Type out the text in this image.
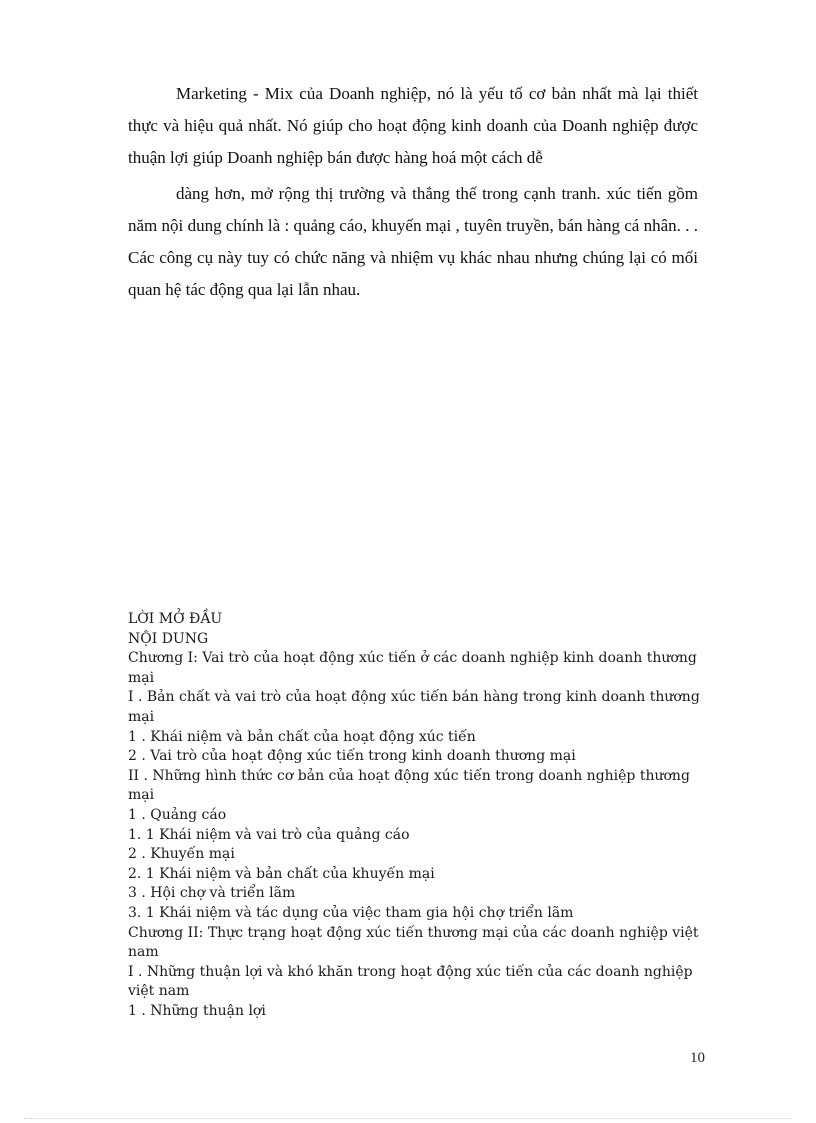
Marketing - Mix của Doanh nghiệp, nó là yếu tố cơ bản nhất mà lại thiết thực và hiệu quả nhất. Nó giúp cho hoạt động kinh doanh của Doanh nghiệp được thuận lợi giúp Doanh nghiệp bán được hàng hoá một cách dễ

dàng hơn, mở rộng thị trường và thắng thế trong cạnh tranh. xúc tiến gồm năm nội dung chính là : quảng cáo, khuyến mại , tuyên truyền, bán hàng cá nhân. . . Các công cụ này tuy có chức năng và nhiệm vụ khác nhau nhưng chúng lại có mối quan hệ tác động qua lại lẫn nhau.

LỜI MỞ ĐẦU
NỘI DUNG
Chương I: Vai trò của hoạt động xúc tiến ở các doanh nghiệp kinh doanh thương mại
I . Bản chất và vai trò của hoạt động xúc tiến bán hàng trong kinh doanh thương mại
1 . Khái niệm và bản chất của hoạt động xúc tiến
2 . Vai trò của hoạt động xúc tiến trong kinh doanh thương mại
II . Những hình thức cơ bản của hoạt động xúc tiến trong doanh nghiệp thương mại
1 . Quảng cáo
1. 1 Khái niệm và vai trò của quảng cáo
2 . Khuyến mại
2. 1 Khái niệm và bản chất của khuyến mại
3 . Hội chợ và triển lãm
3. 1 Khái niệm và tác dụng của việc tham gia hội chợ triển lãm
Chương II: Thực trạng hoạt động xúc tiến thương mại của các doanh nghiệp việt nam
I . Những thuận lợi và khó khăn trong hoạt động xúc tiến của các doanh nghiệp việt nam
1 . Những thuận lợi
10
